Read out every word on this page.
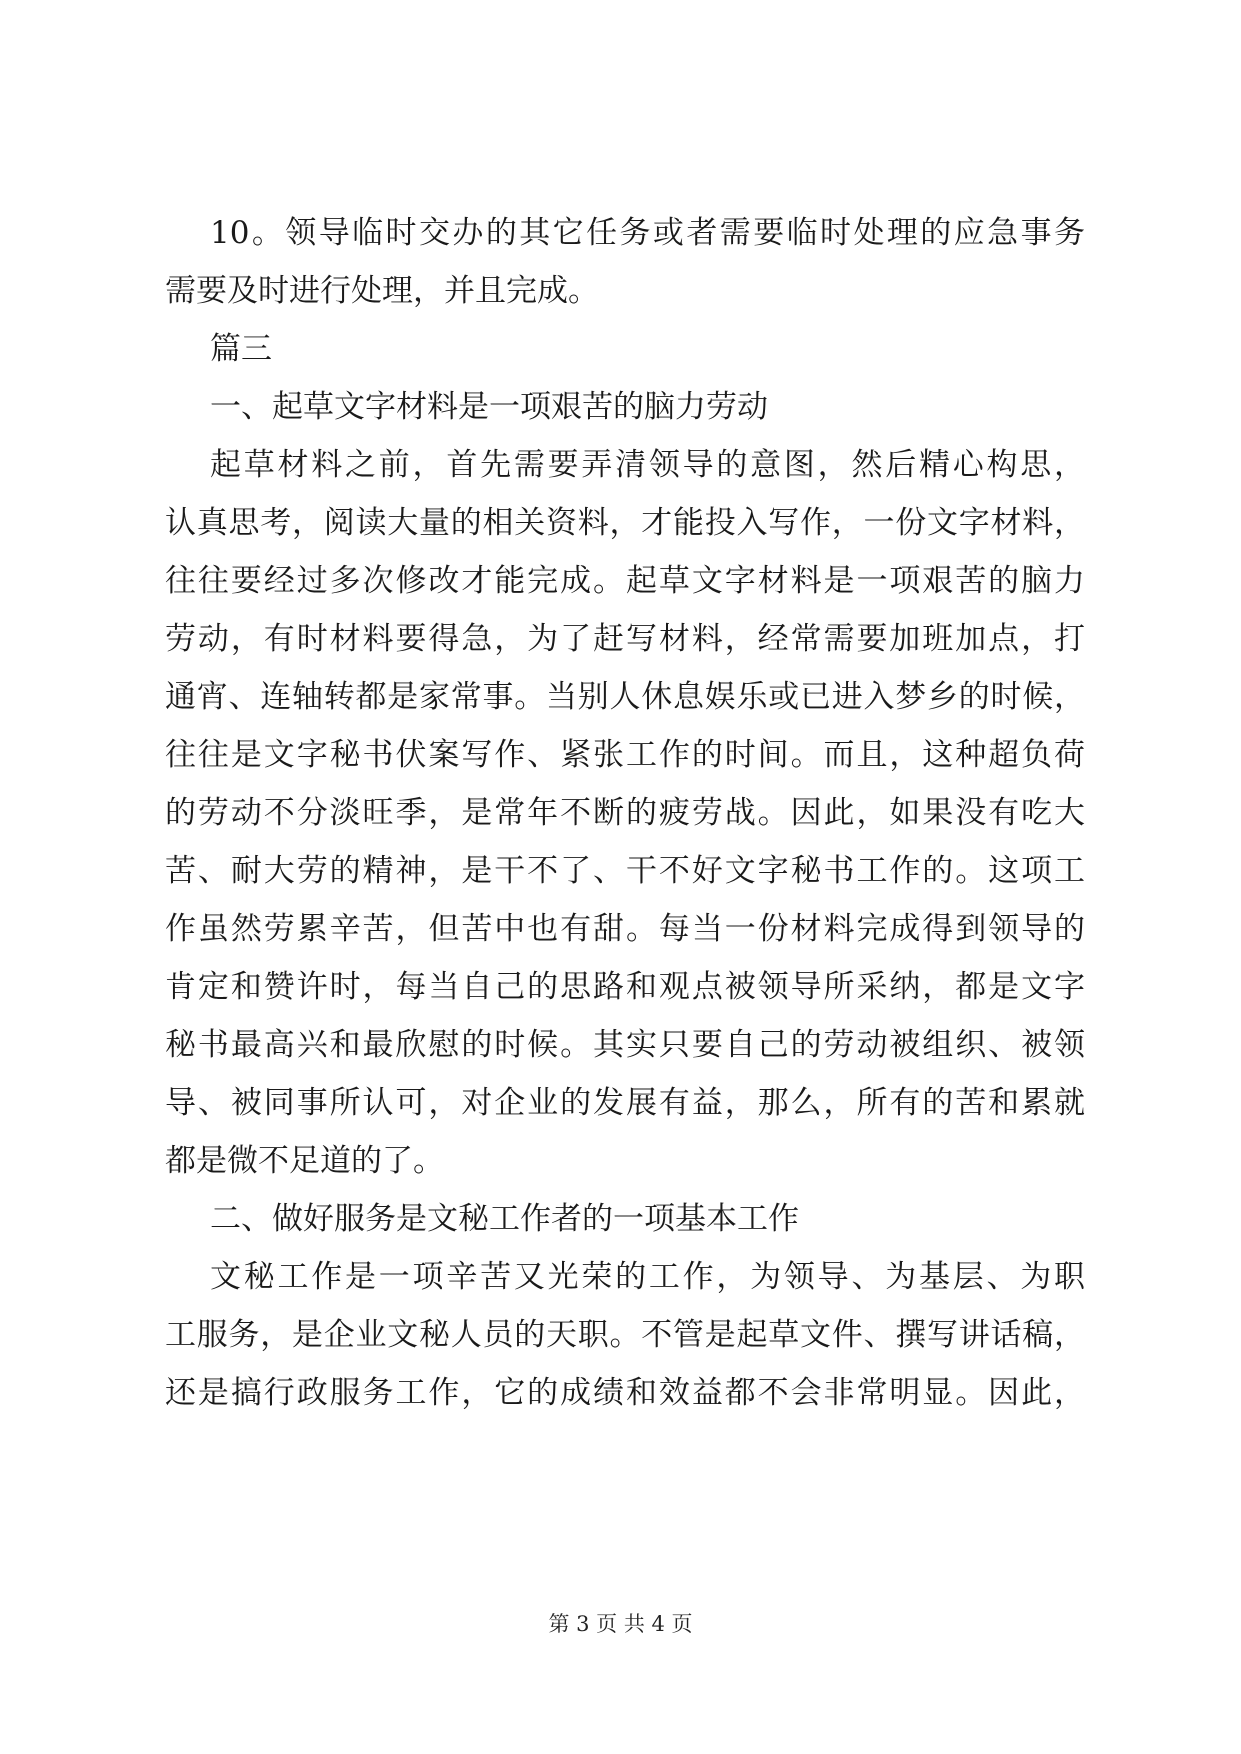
10。领导临时交办的其它任务或者需要临时处理的应急事务
需要及时进行处理，并且完成。
篇三
一、起草文字材料是一项艰苦的脑力劳动
起草材料之前，首先需要弄清领导的意图，然后精心构思，
认真思考，阅读大量的相关资料，才能投入写作，一份文字材料，
往往要经过多次修改才能完成。起草文字材料是一项艰苦的脑力
劳动，有时材料要得急，为了赶写材料，经常需要加班加点，打
通宵、连轴转都是家常事。当别人休息娱乐或已进入梦乡的时候，
往往是文字秘书伏案写作、紧张工作的时间。而且，这种超负荷
的劳动不分淡旺季，是常年不断的疲劳战。因此，如果没有吃大
苦、耐大劳的精神，是干不了、干不好文字秘书工作的。这项工
作虽然劳累辛苦，但苦中也有甜。每当一份材料完成得到领导的
肯定和赞许时，每当自己的思路和观点被领导所采纳，都是文字
秘书最高兴和最欣慰的时候。其实只要自己的劳动被组织、被领
导、被同事所认可，对企业的发展有益，那么，所有的苦和累就
都是微不足道的了。
二、做好服务是文秘工作者的一项基本工作
文秘工作是一项辛苦又光荣的工作，为领导、为基层、为职
工服务，是企业文秘人员的天职。不管是起草文件、撰写讲话稿，
还是搞行政服务工作，它的成绩和效益都不会非常明显。因此，
第 3 页 共 4 页
